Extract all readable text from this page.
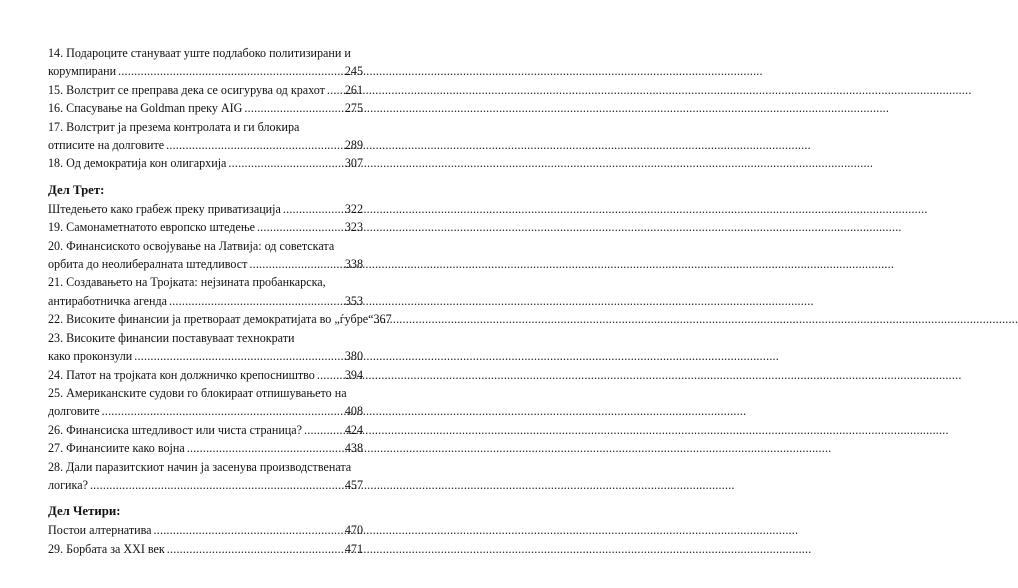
14. Подароците стануваат уште подлабоко политизирани и
корумпирани .....	245
15. Волстрит се преправа дека се осигурува од крахот ..... 261
16. Спасување на Goldman преку AIG .....	275
17. Волстрит ја презема контролата и ги блокира
отписите на долговите .....	289
18. Од демократија кон олигархија .....	307
Дел Трет:
Штедењето како грабеж преку приватизација .....	322
19. Самонаметнатото европско штедење .....	323
20. Финансиското освојување на Латвија: од советската
орбита до неолибералната штедливост .....	338
21. Создавањето на Тројката: нејзината пробанкарска,
антиработничка агенда .....	353
22. Високите финансии ја претвораат демократијата во „ѓубре“ 367
23. Високите финансии поставуваат технократи
како проконзули .....	380
24. Патот на тројката кон должничко крепосништво ..... 394
25. Американските судови го блокираат отпишувањето на
долговите .....	408
26. Финансиска штедливост или чиста страница? .....	424
27. Финансиите како војна .....	438
28. Дали паразитскиот начин ја засенува производствената
логика? .....	457
Дел Четири:
Постои алтернатива .....	470
29. Борбата за XXI век .....	471
